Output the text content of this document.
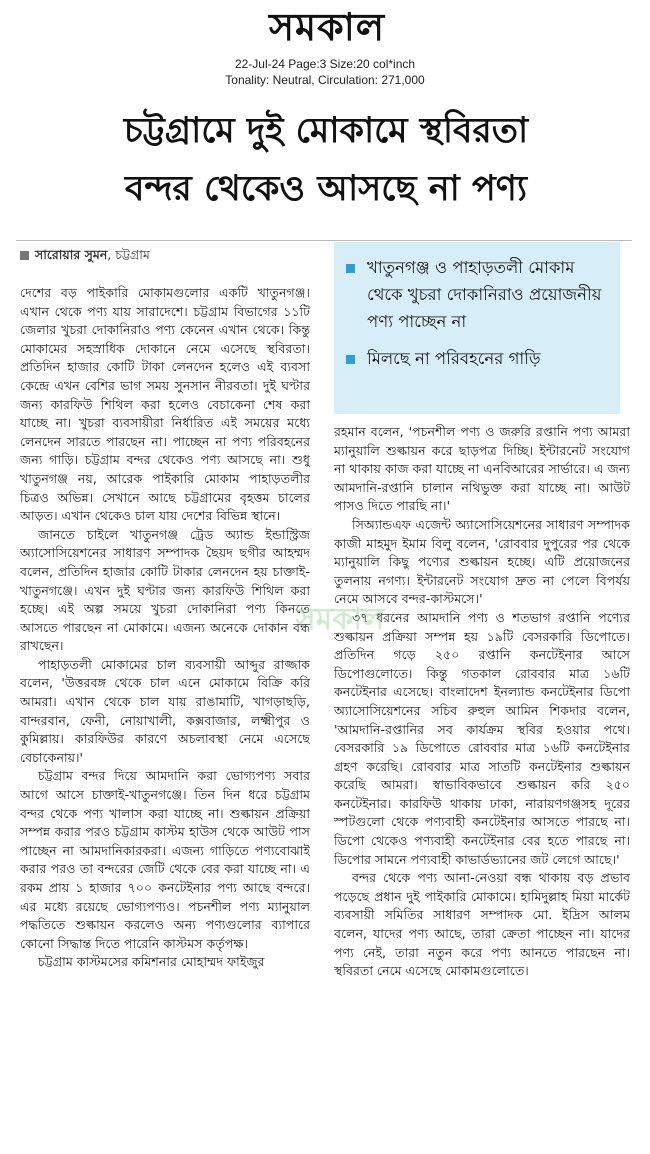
সমকাল
22-Jul-24 Page:3 Size:20 col*inch
Tonality: Neutral, Circulation: 271,000
চট্টগ্রামে দুই মোকামে স্থবিরতা
বন্দর থেকেও আসছে না পণ্য
সারোয়ার সুমন, চট্টগ্রাম
খাতুনগঞ্জ ও পাহাড়তলী মোকাম থেকে খুচরা দোকানিরাও প্রয়োজনীয় পণ্য পাচ্ছেন না
মিলছে না পরিবহনের গাড়ি

দেশের বড় পাইকারি মোকামগুলোর একটি খাতুনগঞ্জ। এখান থেকে পণ্য যায় সারাদেশে। চট্টগ্রাম বিভাগের ১১টি জেলার খুচরা দোকানিরাও পণ্য কেনেন এখান থেকে। কিন্তু মোকামের সহস্রাধিক দোকানে নেমে এসেছে স্থবিরতা। প্রতিদিন হাজার কোটি টাকা লেনদেন হলেও এই ব্যবসা কেন্দ্রে এখন বেশির ভাগ সময় সুনসান নীরবতা। দুই ঘণ্টার জন্য কারফিউ শিথিল করা হলেও বেচাকেনা শেষ করা যাচ্ছে না। খুচরা ব্যবসায়ীরা নির্ধারিত এই সময়ের মধ্যে লেনদেন সারতে পারছেন না। পাচ্ছেন না পণ্য পরিবহনের জন্য গাড়ি। চট্টগ্রাম বন্দর থেকেও পণ্য আসছে না। শুধু খাতুনগঞ্জ নয়, আরেক পাইকারি মোকাম পাহাড়তলীর চিত্রও অভিন্ন। সেখানে আছে চট্টগ্রামের বৃহত্তম চালের আড়ত। এখান থেকেও চাল যায় দেশের বিভিন্ন স্থানে।

জানতে চাইলে খাতুনগঞ্জ ট্রেড অ্যান্ড ইন্ডাস্ট্রিজ অ্যাসোসিয়েশনের সাধারণ সম্পাদক ছৈয়দ ছগীর আহম্মদ বলেন, প্রতিদিন হাজার কোটি টাকার লেনদেন হয় চাক্তাই-খাতুনগঞ্জে। এখন দুই ঘণ্টার জন্য কারফিউ শিথিল করা হচ্ছে। এই অল্প সময়ে খুচরা দোকানিরা পণ্য কিনতে আসতে পারছেন না মোকামে। এজন্য অনেকে দোকান বন্ধ রাখছেন।

পাহাড়তলী মোকামের চাল ব্যবসায়ী আব্দুর রাজ্জাক বলেন, 'উত্তরবঙ্গ থেকে চাল এনে মোকামে বিক্রি করি আমরা। এখান থেকে চাল যায় রাঙামাটি, খাগড়াছড়ি, বান্দরবান, ফেনী, নোয়াখালী, কক্সবাজার, লক্ষ্মীপুর ও কুমিল্লায়। কারফিউর কারণে অচলাবস্থা নেমে এসেছে বেচাকেনায়।'

চট্টগ্রাম বন্দর দিয়ে আমদানি করা ভোগ্যপণ্য সবার আগে আসে চাক্তাই-খাতুনগঞ্জে। তিন দিন ধরে চট্টগ্রাম বন্দর থেকে পণ্য খালাস করা যাচ্ছে না। শুল্কায়ন প্রক্রিয়া সম্পন্ন করার পরও চট্টগ্রাম কাস্টম হাউস থেকে আউট পাস পাচ্ছেন না আমদানিকারকরা। এজন্য গাড়িতে পণ্যবোঝাই করার পরও তা বন্দরের জেটি থেকে বের করা যাচ্ছে না। এ রকম প্রায় ১ হাজার ৭০০ কনটেইনার পণ্য আছে বন্দরে। এর মধ্যে রয়েছে ভোগ্যপণ্যও। পচনশীল পণ্য ম্যানুয়াল পদ্ধতিতে শুল্কায়ন করলেও অন্য পণ্যগুলোর ব্যাপারে কোনো সিদ্ধান্ত দিতে পারেনি কাস্টমস কর্তৃপক্ষ।

চট্টগ্রাম কাস্টমসের কমিশনার মোহাম্মদ ফাইজুর

রহমান বলেন, 'পচনশীল পণ্য ও জরুরি রপ্তানি পণ্য আমরা ম্যানুয়ালি শুল্কায়ন করে ছাড়পত্র দিচ্ছি। ইন্টারনেট সংযোগ না থাকায় কাজ করা যাচ্ছে না এনবিআরের সার্ভারে। এ জন্য আমদানি-রপ্তানি চালান নথিভুক্ত করা যাচ্ছে না। আউট পাসও দিতে পারছি না।'

সিঅ্যান্ডএফ এজেন্ট অ্যাসোসিয়েশনের সাধারণ সম্পাদক কাজী মাহমুদ ইমাম বিলু বলেন, 'রোববার দুপুরের পর থেকে ম্যানুয়ালি কিছু পণ্যের শুল্কায়ন হচ্ছে। এটি প্রয়োজনের তুলনায় নগণ্য। ইন্টারনেট সংযোগ দ্রুত না পেলে বিপর্যয় নেমে আসবে বন্দর-কাস্টমসে।'

৩৭ ধরনের আমদানি পণ্য ও শতভাগ রপ্তানি পণ্যের শুল্কায়ন প্রক্রিয়া সম্পন্ন হয় ১৯টি বেসরকারি ডিপোতে। প্রতিদিন গড়ে ২৫০ রপ্তানি কনটেইনার আসে ডিপোগুলোতে। কিন্তু গতকাল রোববার মাত্র ১৬টি কনটেইনার এসেছে। বাংলাদেশ ইনল্যান্ড কনটেইনার ডিপো অ্যাসোসিয়েশনের সচিব রুহুল আমিন শিকদার বলেন, 'আমদানি-রপ্তানির সব কার্যক্রম স্থবির হওয়ার পথে। বেসরকারি ১৯ ডিপোতে রোববার মাত্র ১৬টি কনটেইনার গ্রহণ করেছি। রোববার মাত্র সাতটি কনটেইনার শুল্কায়ন করেছি আমরা। স্বাভাবিকভাবে শুল্কায়ন করি ২৫০ কনটেইনার। কারফিউ থাকায় ঢাকা, নারায়ণগঞ্জসহ দূরের স্পটগুলো থেকে পণ্যবাহী কনটেইনার আসতে পারছে না। ডিপো থেকেও পণ্যবাহী কনটেইনার বের হতে পারছে না। ডিপোর সামনে পণ্যবাহী কাভার্ডভ্যানের জট লেগে আছে।'

বন্দর থেকে পণ্য আনা-নেওয়া বন্ধ থাকায় বড় প্রভাব পড়েছে প্রধান দুই পাইকারি মোকামে। হামিদুল্লাহ মিয়া মার্কেট ব্যবসায়ী সমিতির সাধারণ সম্পাদক মো. ইদ্রিস আলম বলেন, যাদের পণ্য আছে, তারা ক্রেতা পাচ্ছেন না। যাদের পণ্য নেই, তারা নতুন করে পণ্য আনতে পারছেন না। স্থবিরতা নেমে এসেছে মোকামগুলোতে।

সমকাল
